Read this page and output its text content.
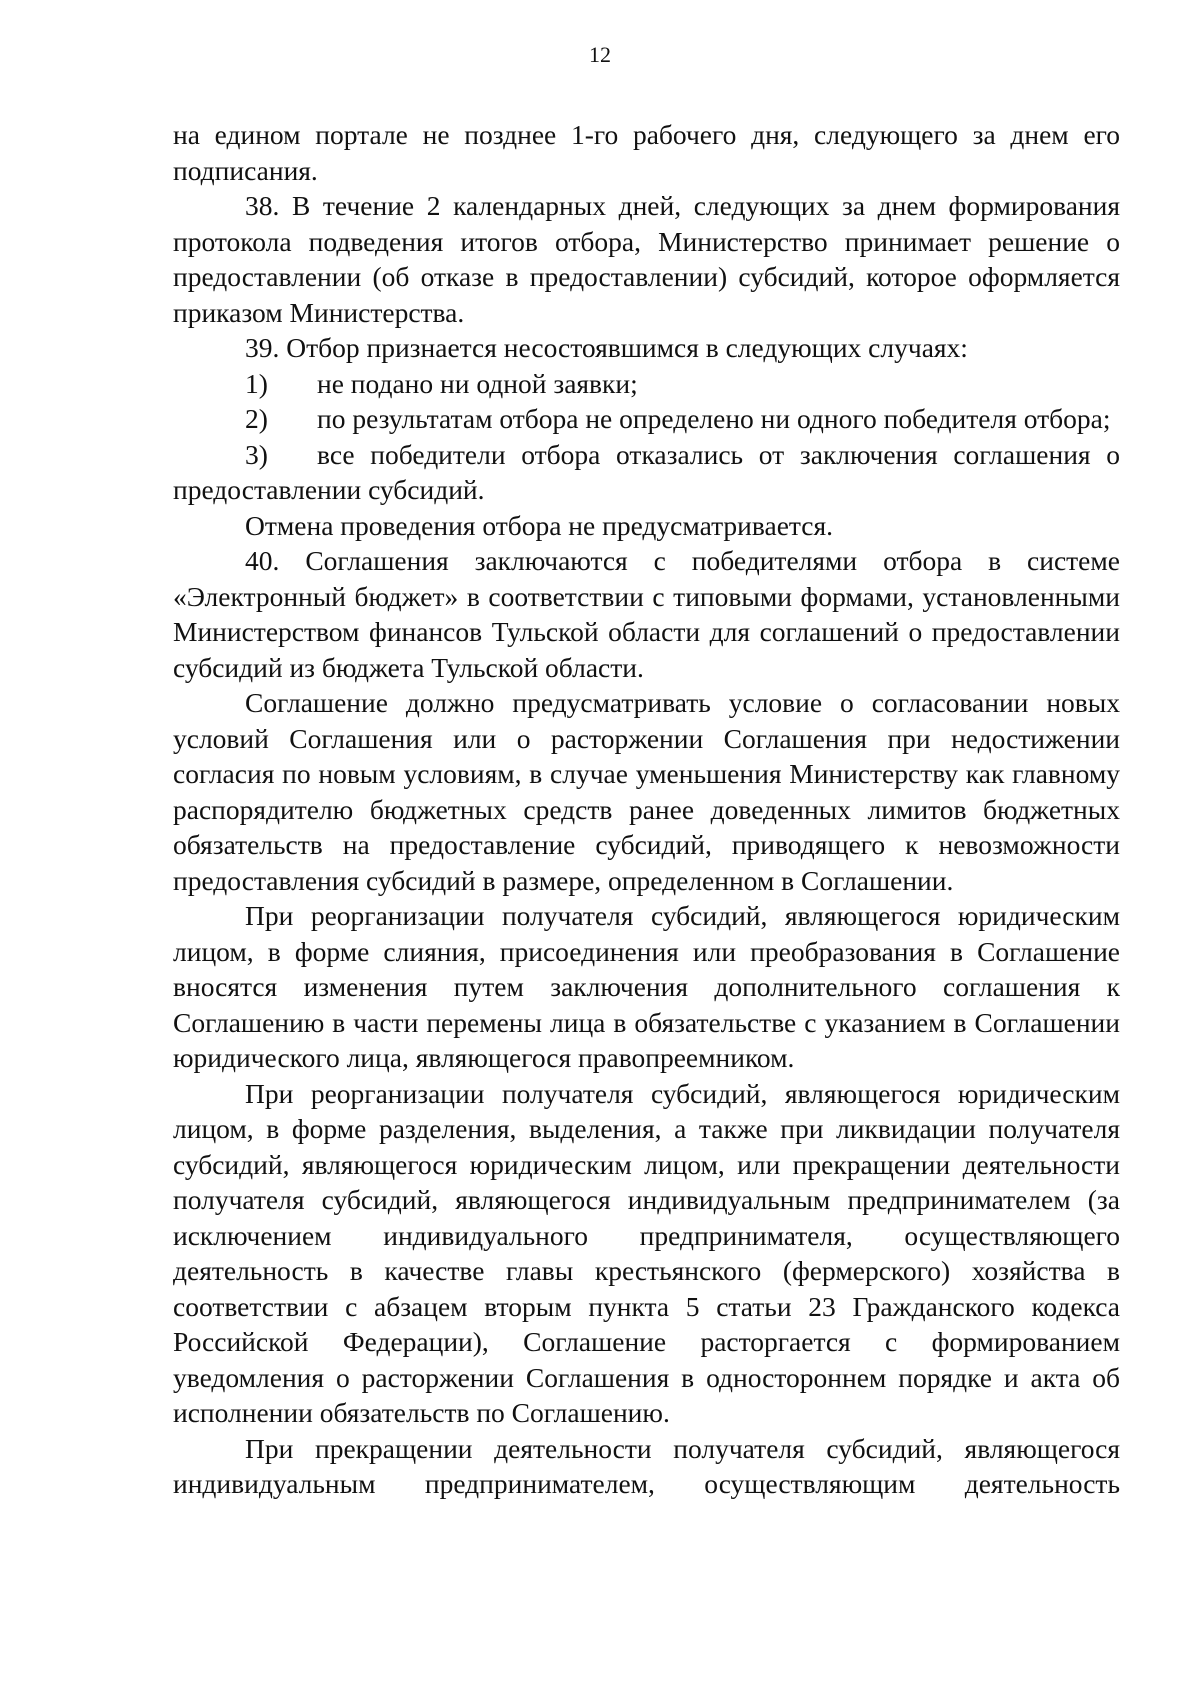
12

на едином портале не позднее 1-го рабочего дня, следующего за днем его подписания.

38. В течение 2 календарных дней, следующих за днем формирования протокола подведения итогов отбора, Министерство принимает решение о предоставлении (об отказе в предоставлении) субсидий, которое оформляется приказом Министерства.

39. Отбор признается несостоявшимся в следующих случаях:

1) не подано ни одной заявки;

2) по результатам отбора не определено ни одного победителя отбора;

3) все победители отбора отказались от заключения соглашения о предоставлении субсидий.

Отмена проведения отбора не предусматривается.

40. Соглашения заключаются с победителями отбора в системе «Электронный бюджет» в соответствии с типовыми формами, установленными Министерством финансов Тульской области для соглашений о предоставлении субсидий из бюджета Тульской области.

Соглашение должно предусматривать условие о согласовании новых условий Соглашения или о расторжении Соглашения при недостижении согласия по новым условиям, в случае уменьшения Министерству как главному распорядителю бюджетных средств ранее доведенных лимитов бюджетных обязательств на предоставление субсидий, приводящего к невозможности предоставления субсидий в размере, определенном в Соглашении.

При реорганизации получателя субсидий, являющегося юридическим лицом, в форме слияния, присоединения или преобразования в Соглашение вносятся изменения путем заключения дополнительного соглашения к Соглашению в части перемены лица в обязательстве с указанием в Соглашении юридического лица, являющегося правопреемником.

При реорганизации получателя субсидий, являющегося юридическим лицом, в форме разделения, выделения, а также при ликвидации получателя субсидий, являющегося юридическим лицом, или прекращении деятельности получателя субсидий, являющегося индивидуальным предпринимателем (за исключением индивидуального предпринимателя, осуществляющего деятельность в качестве главы крестьянского (фермерского) хозяйства в соответствии с абзацем вторым пункта 5 статьи 23 Гражданского кодекса Российской Федерации), Соглашение расторгается с формированием уведомления о расторжении Соглашения в одностороннем порядке и акта об исполнении обязательств по Соглашению.

При прекращении деятельности получателя субсидий, являющегося индивидуальным предпринимателем, осуществляющим деятельность
